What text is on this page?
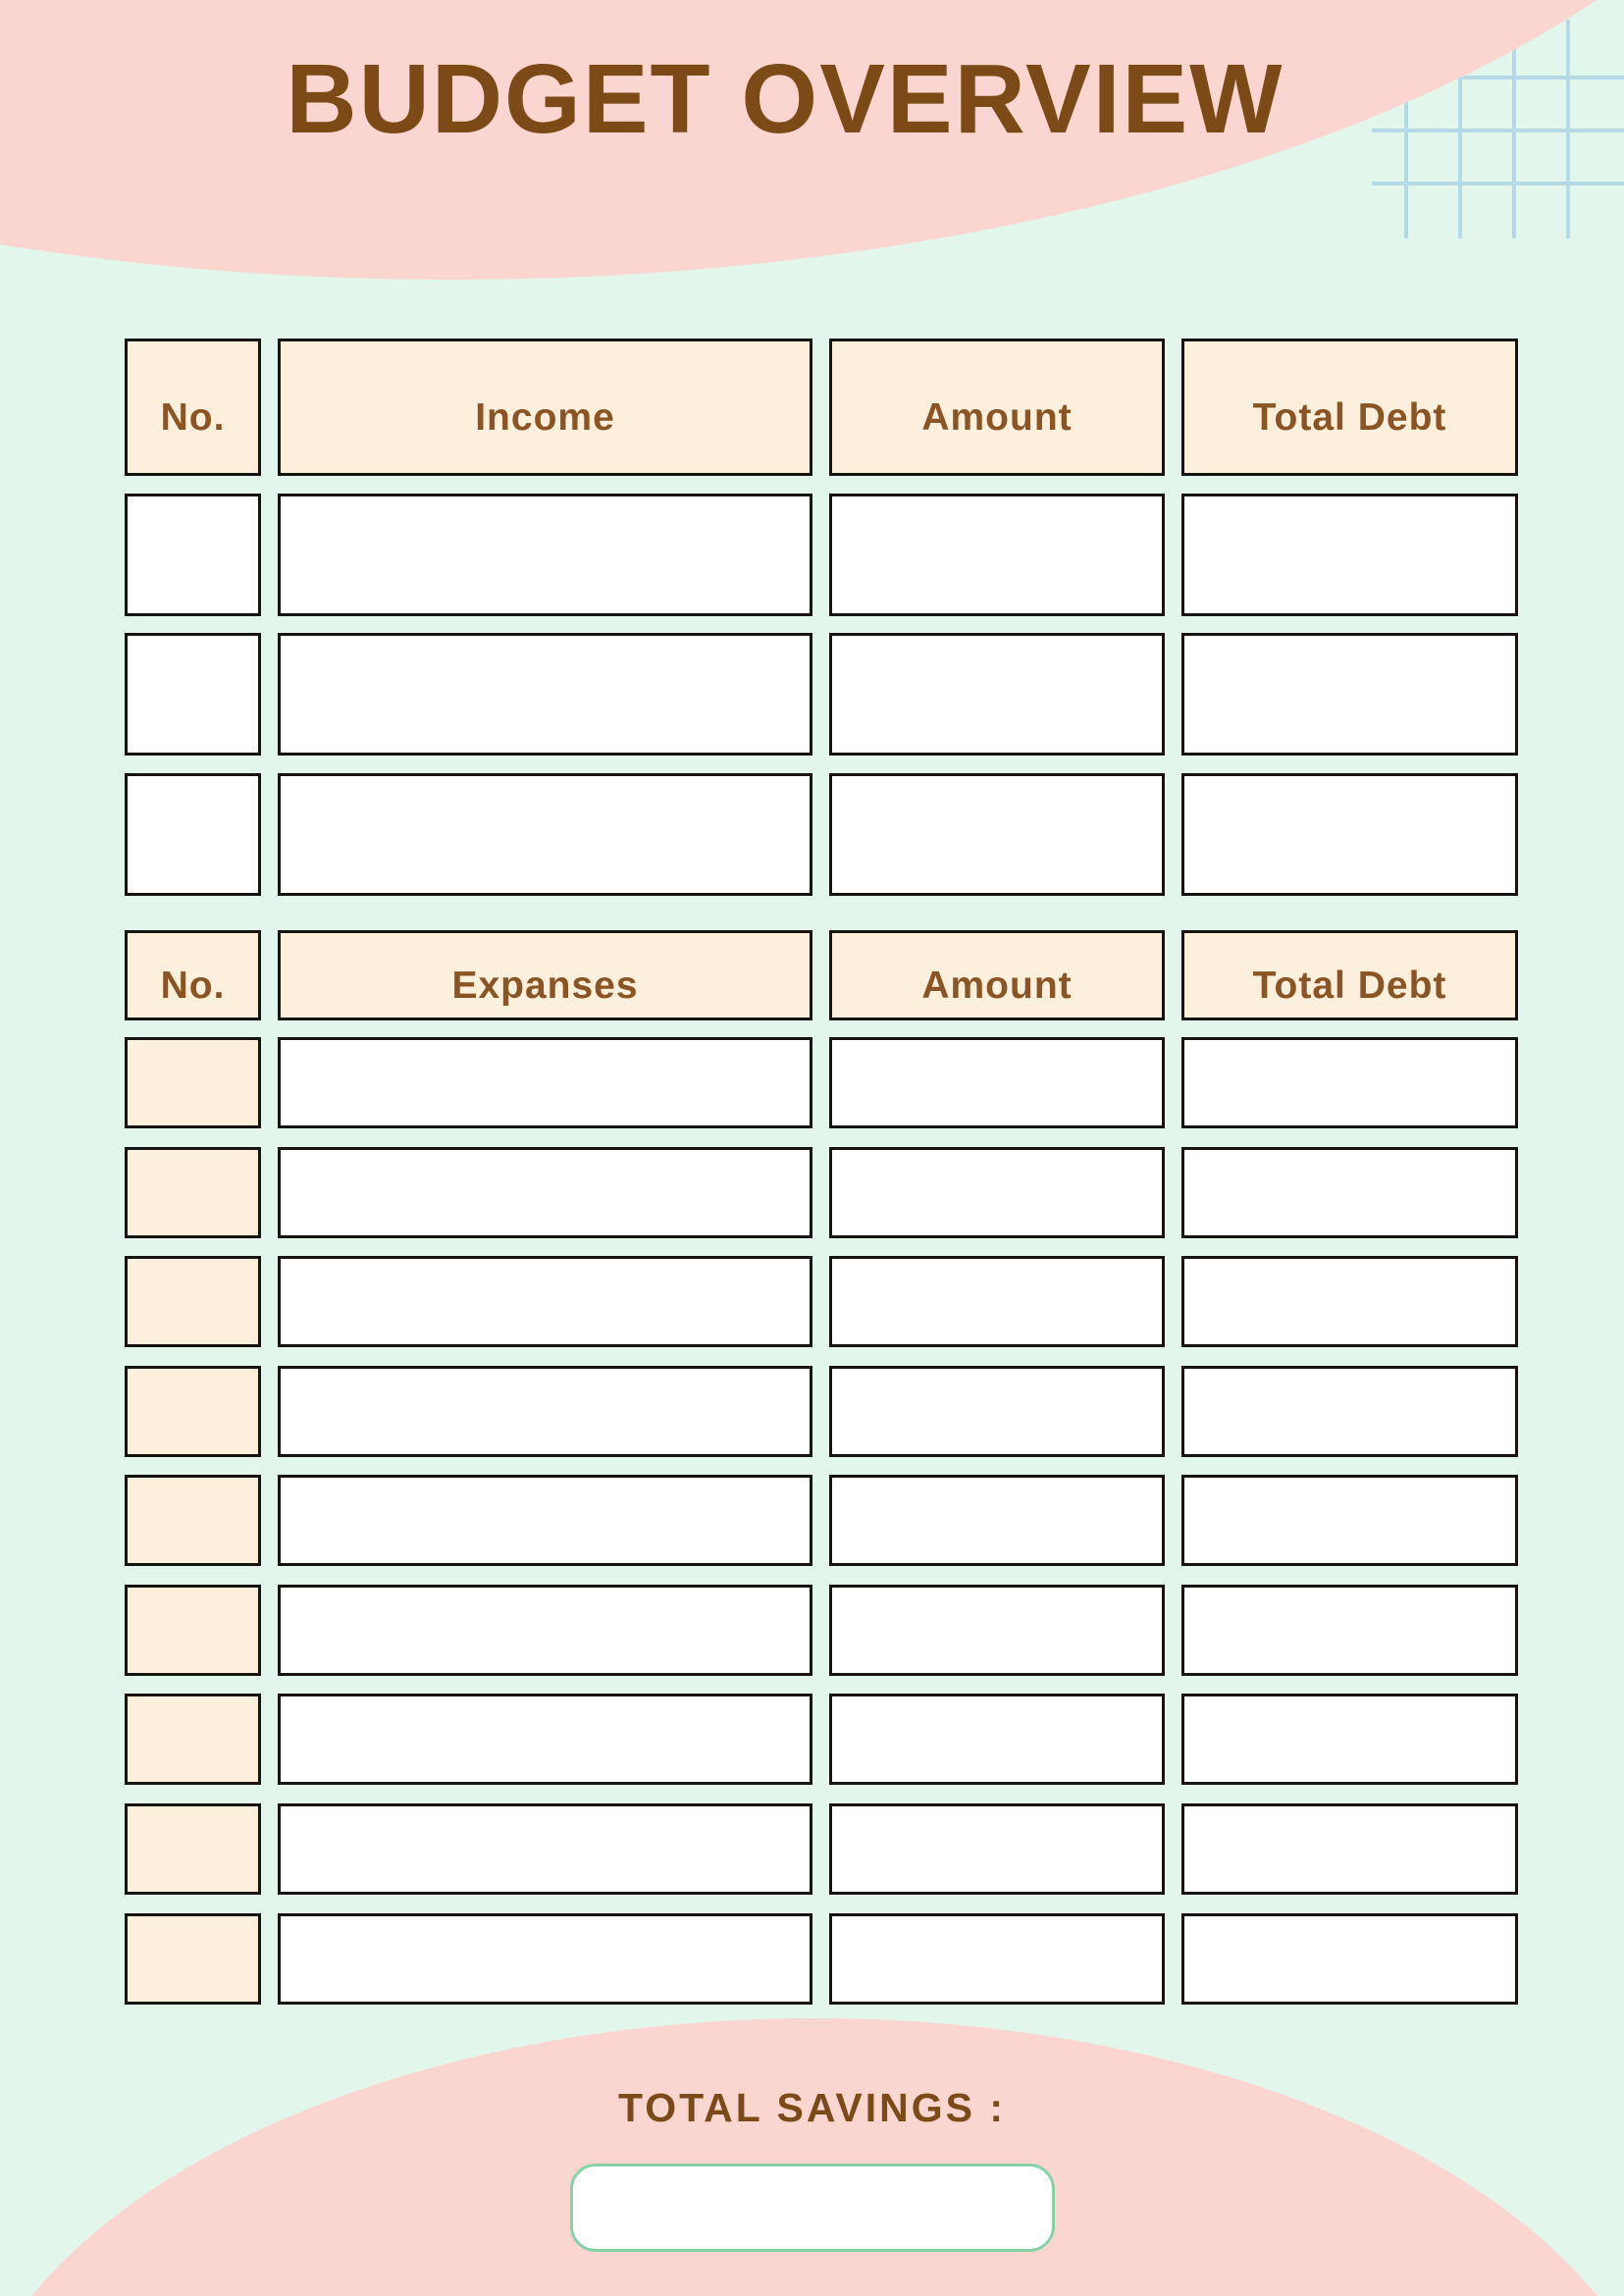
BUDGET OVERVIEW
No.	Income	Amount	Total Debt
No.	Expanses	Amount	Total Debt

TOTAL SAVINGS :
